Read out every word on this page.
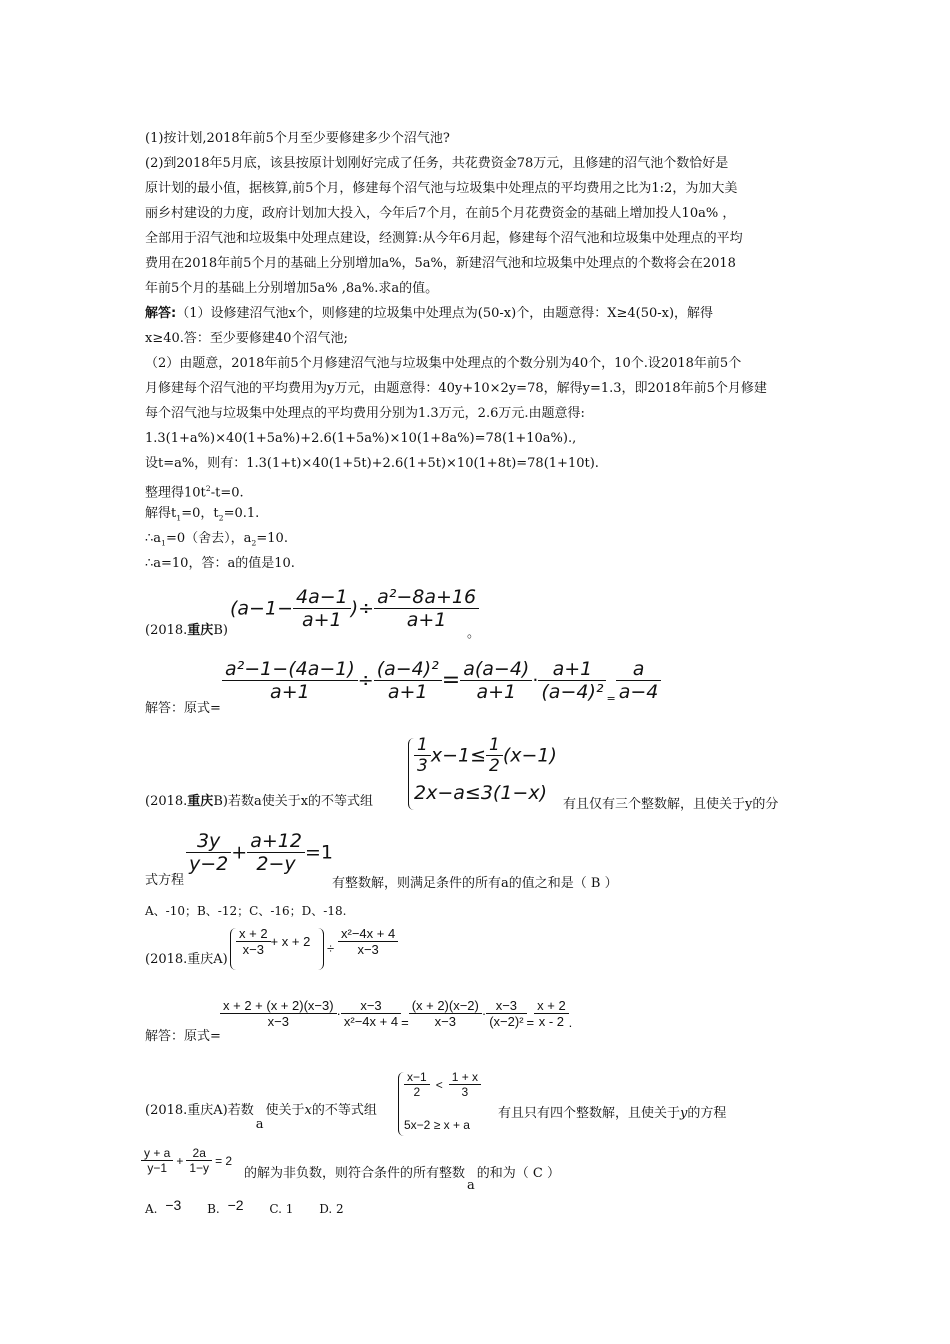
(1)按计划,2018年前5个月至少要修建多少个沼气池?
(2)到2018年5月底，该县按原计划刚好完成了任务，共花费资金78万元，且修建的沼气池个数恰好是
原计划的最小值，据核算,前5个月，修建每个沼气池与垃圾集中处理点的平均费用之比为1:2，为加大美
丽乡村建设的力度，政府计划加大投入，今年后7个月，在前5个月花费资金的基础上增加投人10a% ，
全部用于沼气池和垃圾集中处理点建设，经测算:从今年6月起，修建每个沼气池和垃圾集中处理点的平均
费用在2018年前5个月的基础上分别增加a%，5a%，新建沼气池和垃圾集中处理点的个数将会在2018
年前5个月的基础上分别增加5a% ,8a%.求a的值。
解答:（1）设修建沼气池x个，则修建的垃圾集中处理点为(50-x)个，由题意得：X≥4(50-x)，解得
x≥40.答：至少要修建40个沼气池;
（2）由题意，2018年前5个月修建沼气池与垃圾集中处理点的个数分别为40个，10个.设2018年前5个
月修建每个沼气池的平均费用为y万元，由题意得：40y+10×2y=78，解得y=1.3，即2018年前5个月修建
每个沼气池与垃圾集中处理点的平均费用分别为1.3万元，2.6万元.由题意得:
1.3(1+a%)×40(1+5a%)+2.6(1+5a%)×10(1+8a%)=78(1+10a%).,
设t=a%，则有：1.3(1+t)×40(1+5t)+2.6(1+5t)×10(1+8t)=78(1+10t).
整理得$10t^2-t=0$.
解得$t_1=0$，$t_2=0.1$.
$\therefore a_1=0$（舍去），$a_2=10$.
∴a=10，答：a的值是10.
(2018.重庆B)
($a-1- \frac{4a-1}{a+1}$ )÷ $\frac{\text{a²−8a+16}}{a+1}$
。
解答：原式=
$\frac{\text{a²−1−(4a−1)}}{a+1} \div \frac{\text{(a−4)²}}{a+1} = \frac{a(a-4)}{a+1} \cdot \frac{a+1}{\text{(a−4)²}} _= \frac{a}{a-4}$
(2018.重庆B)若数a使关于x的不等式组
$\frac{1}{3} x-1\le \frac{1}{2} (x-1)$
2x−a≤3(1−x)
有且仅有三个整数解，且使关于y的分
式方程
$\frac{3y}{y-2} + \frac{a+12}{2-y} =1$
有整数解，则满足条件的所有a的值之和是（ B ）
A、-10；B、-12；C、-16；D、-18.
(2018.重庆A)
$\frac{x + 2}{x-3} + x + 2 \div \frac{\text{x²−4x + 4}}{x-3}$
解答：原式=
$\frac{x + 2 + (x + 2)(x-3)}{x-3} \cdot \frac{x-3}{\text{x²−4x + 4}} = \frac{(x + 2)(x-2)}{x-3} \cdot \frac{x-3}{\text{(x−2)²}} = \frac{x + 2}{x - 2}$ .
(2018.重庆A)若数a使关于x的不等式组
$\frac{x-1}{2} < \frac{1 + x}{3}$
5x−2 ≥ x + a
有且只有四个整数解，且使关于y的方程
$\frac{y + a}{y-1} + \frac{2a}{1-y} = 2$
的解为非负数，则符合条件的所有整数a的和为（ C ）
A. −3 B. −2 C. 1 D. 2
